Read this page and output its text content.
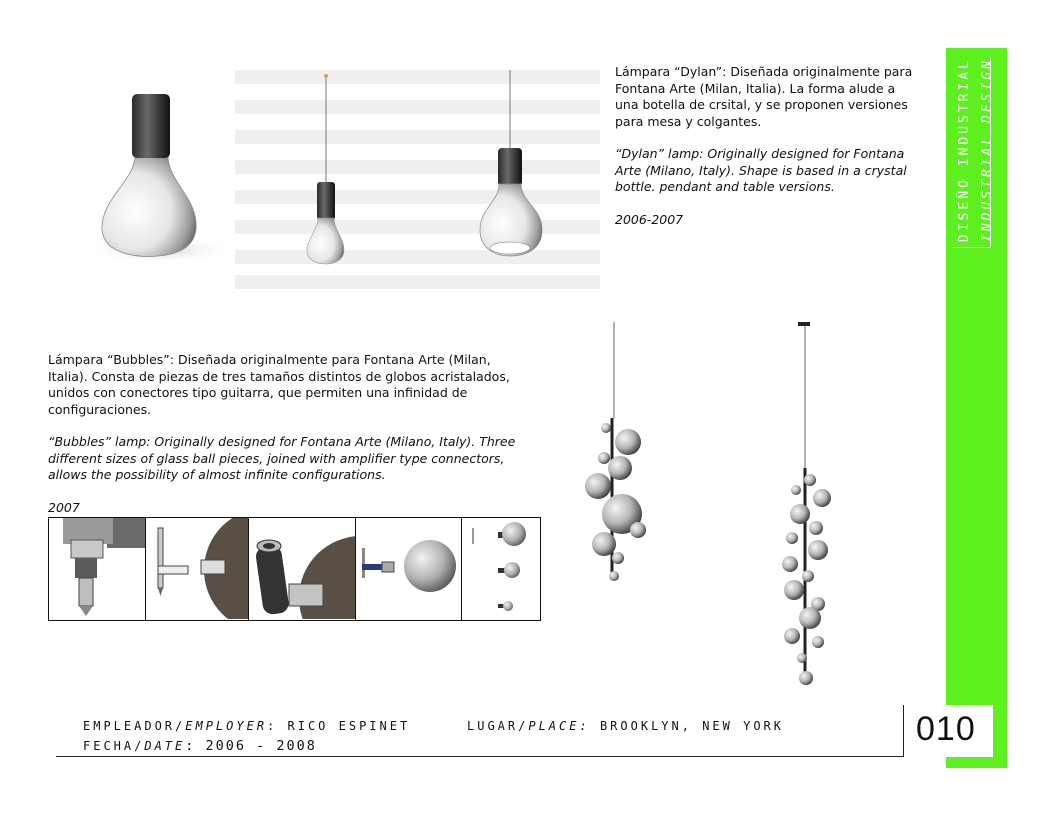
Lámpara “Dylan”: Diseñada originalmente para Fontana Arte (Milan, Italia). La forma alude a una botella de crsital, y se proponen versiones para mesa y colgantes.

“Dylan” lamp: Originally designed for Fontana Arte (Milano, Italy). Shape is based in a crystal bottle. pendant and table versions.

2006-2007

Lámpara “Bubbles”: Diseñada originalmente para Fontana Arte (Milan, Italia). Consta de piezas de tres tamaños distintos de globos acristalados, unidos con conectores tipo guitarra, que permiten una infinidad de configuraciones.

“Bubbles” lamp: Originally designed for Fontana Arte (Milano, Italy). Three different sizes of glass ball pieces, joined with amplifier type connectors, allows the possibility of almost infinite configurations.

2007

DISEÑO INDUSTRIAL INDUSTRIAL DESIGN
010
EMPLEADOR/EMPLOYER: RICO ESPINET
FECHA/DATE: 2006 - 2008
LUGAR/PLACE: BROOKLYN, NEW YORK
